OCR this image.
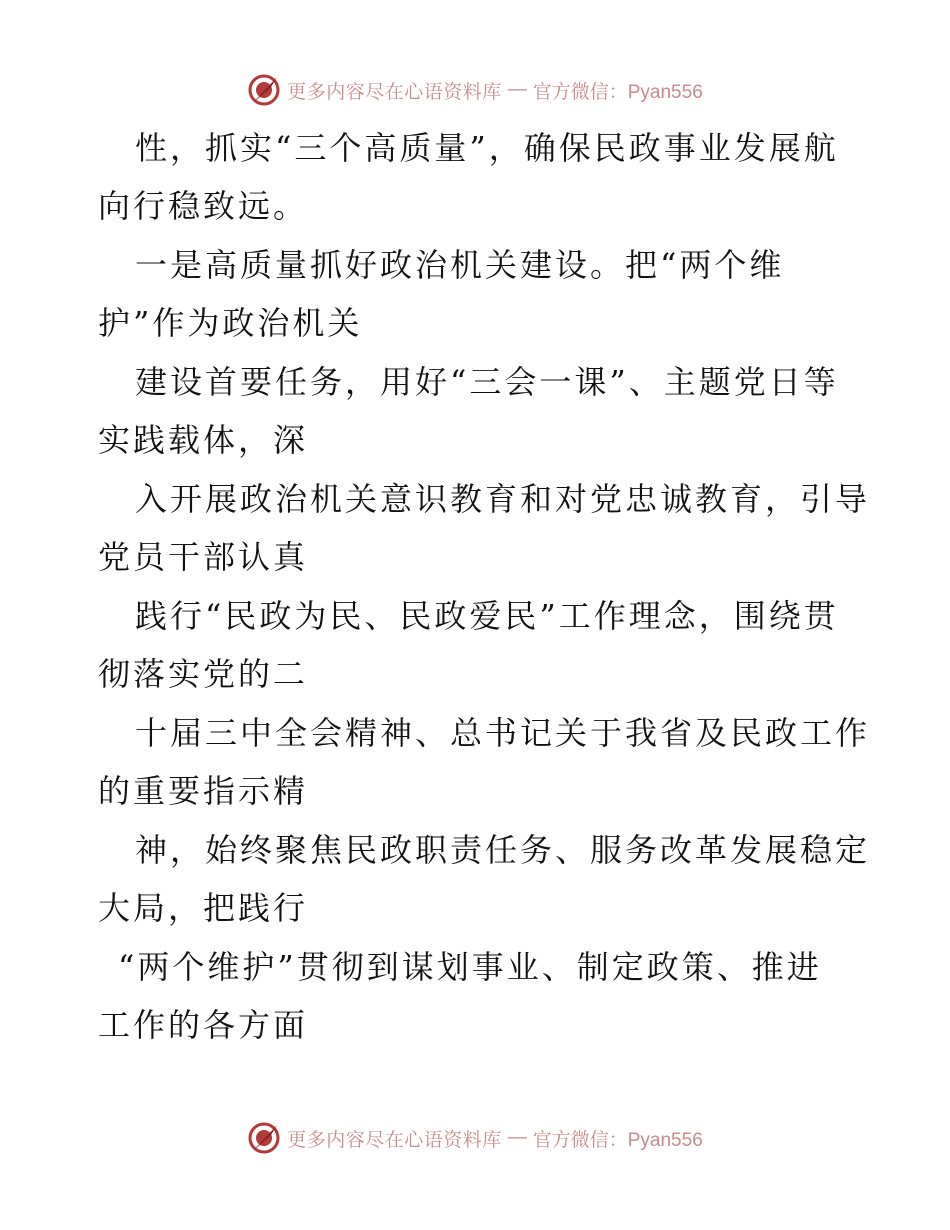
更多内容尽在心语资料库 — 官方微信：Pyan556
性，抓实“三个高质量”，确保民政事业发展航
向行稳致远。
一是高质量抓好政治机关建设。把“两个维
护”作为政治机关
建设首要任务，用好“三会一课”、主题党日等
实践载体，深
入开展政治机关意识教育和对党忠诚教育，引导
党员干部认真
践行“民政为民、民政爱民”工作理念，围绕贯
彻落实党的二
十届三中全会精神、总书记关于我省及民政工作
的重要指示精
神，始终聚焦民政职责任务、服务改革发展稳定
大局，把践行
“两个维护”贯彻到谋划事业、制定政策、推进
工作的各方面
更多内容尽在心语资料库 — 官方微信：Pyan556
